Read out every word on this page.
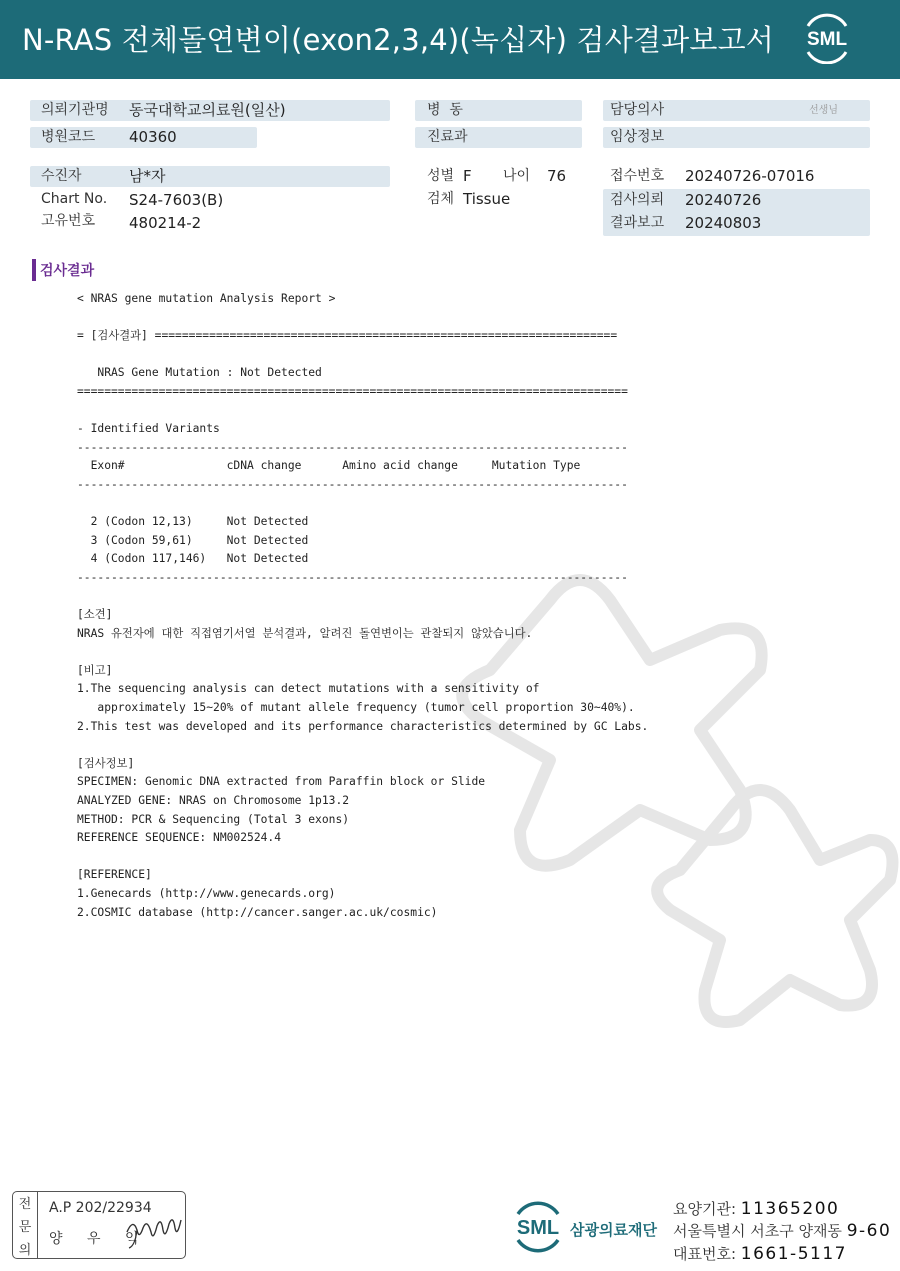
N-RAS 전체돌연변이(exon2,3,4)(녹십자) 검사결과보고서 SML
의뢰기관명 동국대학교의료원(일산)
병원코드 40360
병  동
진료과
담당의사	선생님
임상정보
수진자	남*자
Chart No. S24-7603(B)
고유번호 480214-2
성별 F 나이 76
검체 Tissue
접수번호 20240726-07016
검사의뢰 20240726
결과보고 20240803
검사결과
< NRAS gene mutation Analysis Report >
= [검사결과] ====================================================================
NRAS Gene Mutation : Not Detected
=================================================================================
- Identified Variants
---------------------------------------------------------------------------------
Exon#               cDNA change      Amino acid change     Mutation Type
---------------------------------------------------------------------------------
2 (Codon 12,13)     Not Detected
3 (Codon 59,61)     Not Detected
4 (Codon 117,146)   Not Detected
---------------------------------------------------------------------------------
[소견]
NRAS 유전자에 대한 직접염기서열 분석결과, 알려진 돌연변이는 관찰되지 않았습니다.
[비고]
1.The sequencing analysis can detect mutations with a sensitivity of
approximately 15~20% of mutant allele frequency (tumor cell proportion 30~40%).
2.This test was developed and its performance characteristics determined by GC Labs.
[검사정보]
SPECIMEN: Genomic DNA extracted from Paraffin block or Slide
ANALYZED GENE: NRAS on Chromosome 1p13.2
METHOD: PCR & Sequencing (Total 3 exons)
REFERENCE SEQUENCE: NM002524.4
[REFERENCE]
1.Genecards (http://www.genecards.org)
2.COSMIC database (http://cancer.sanger.ac.uk/cosmic)
전
문
의
A.P 202/22934
양 우 익	SML 삼광의료재단
요양기관: 11365200
서울특별시 서초구 양재동 9-60
대표번호: 1661-5117
